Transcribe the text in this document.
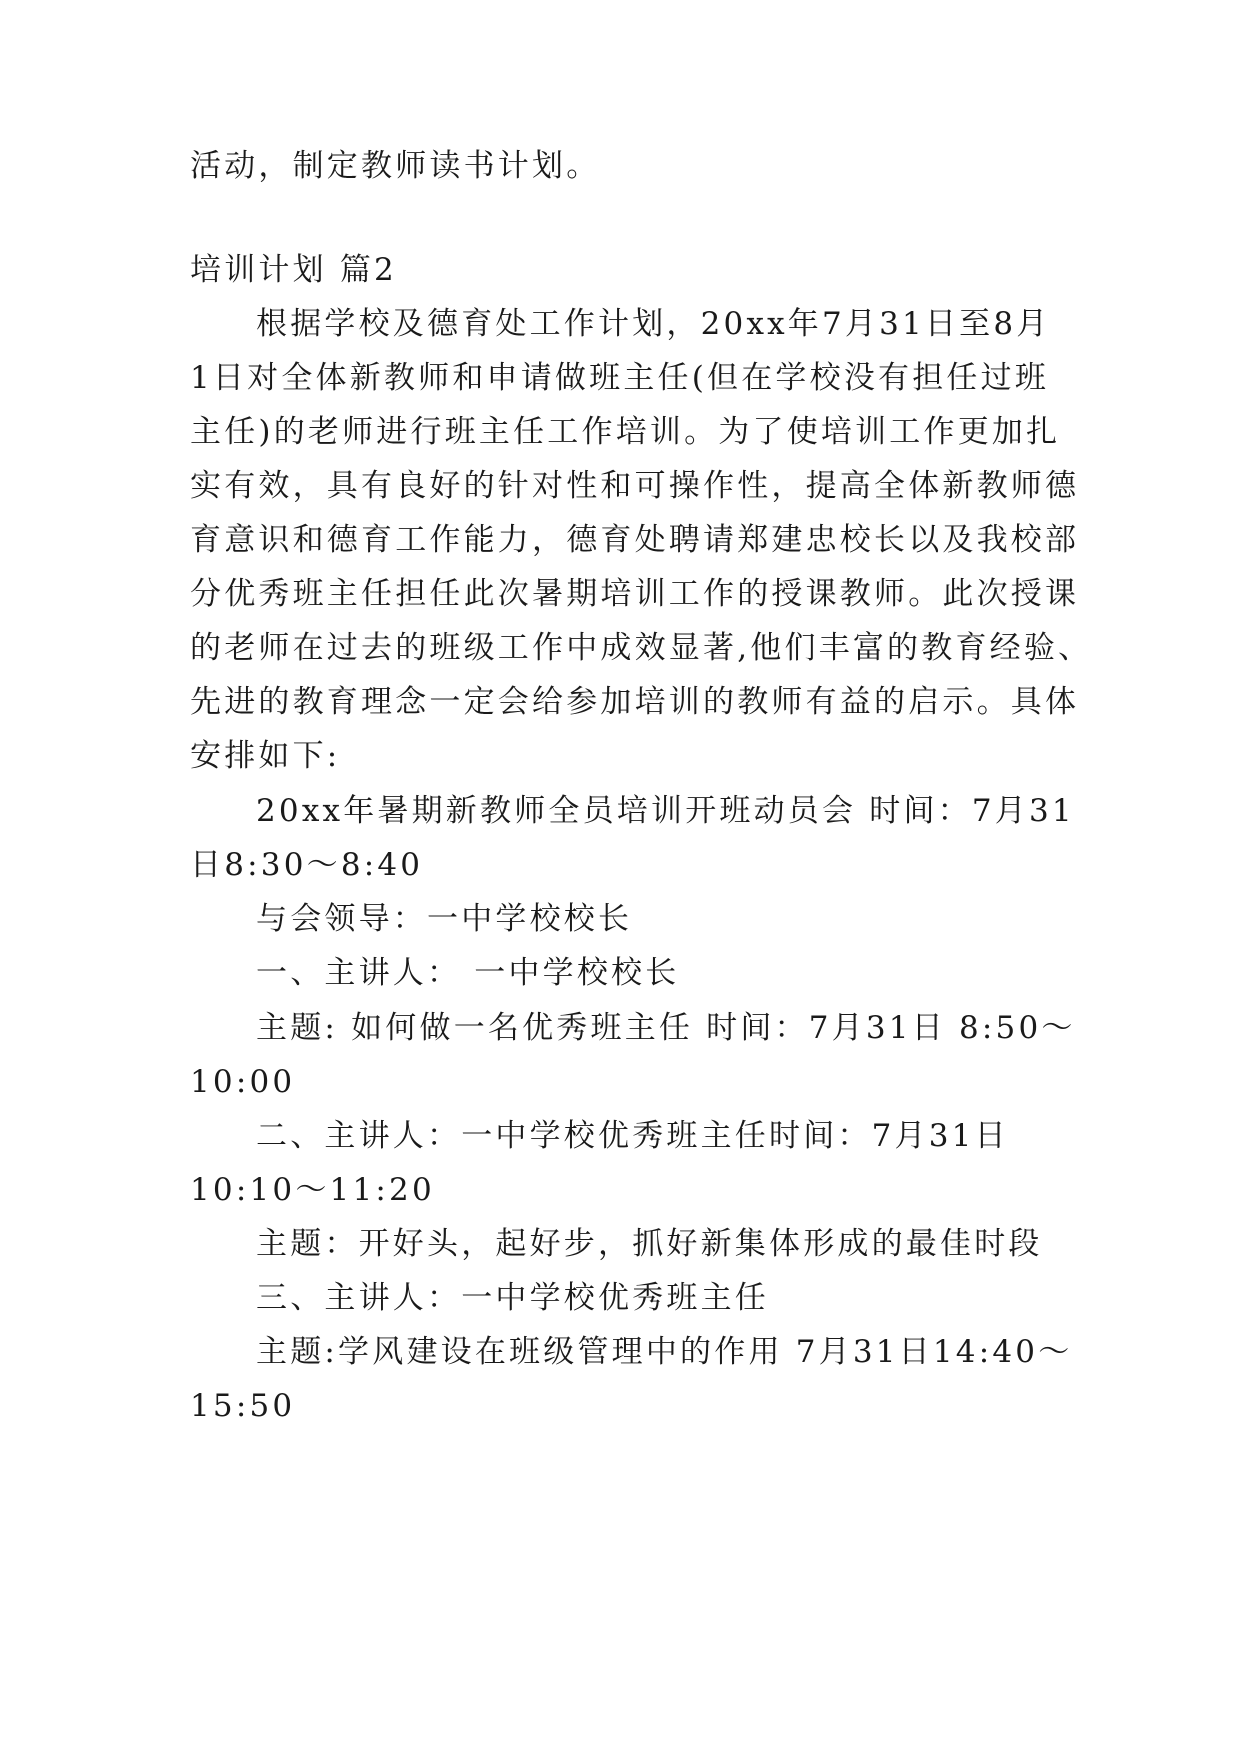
活动，制定教师读书计划。
培训计划 篇2
根据学校及德育处工作计划，20xx年7月31日至8月
1日对全体新教师和申请做班主任(但在学校没有担任过班
主任)的老师进行班主任工作培训。为了使培训工作更加扎
实有效，具有良好的针对性和可操作性，提高全体新教师德
育意识和德育工作能力，德育处聘请郑建忠校长以及我校部
分优秀班主任担任此次暑期培训工作的授课教师。此次授课
的老师在过去的班级工作中成效显著,他们丰富的教育经验、
先进的教育理念一定会给参加培训的教师有益的启示。具体
安排如下:
20xx年暑期新教师全员培训开班动员会 时间：7月31
日8:30～8:40
与会领导：一中学校校长
一、主讲人： 一中学校校长
主题: 如何做一名优秀班主任 时间：7月31日 8:50～
10:00
二、主讲人：一中学校优秀班主任时间：7月31日
10:10～11:20
主题：开好头，起好步，抓好新集体形成的最佳时段
三、主讲人：一中学校优秀班主任
主题:学风建设在班级管理中的作用 7月31日14:40～
15:50
